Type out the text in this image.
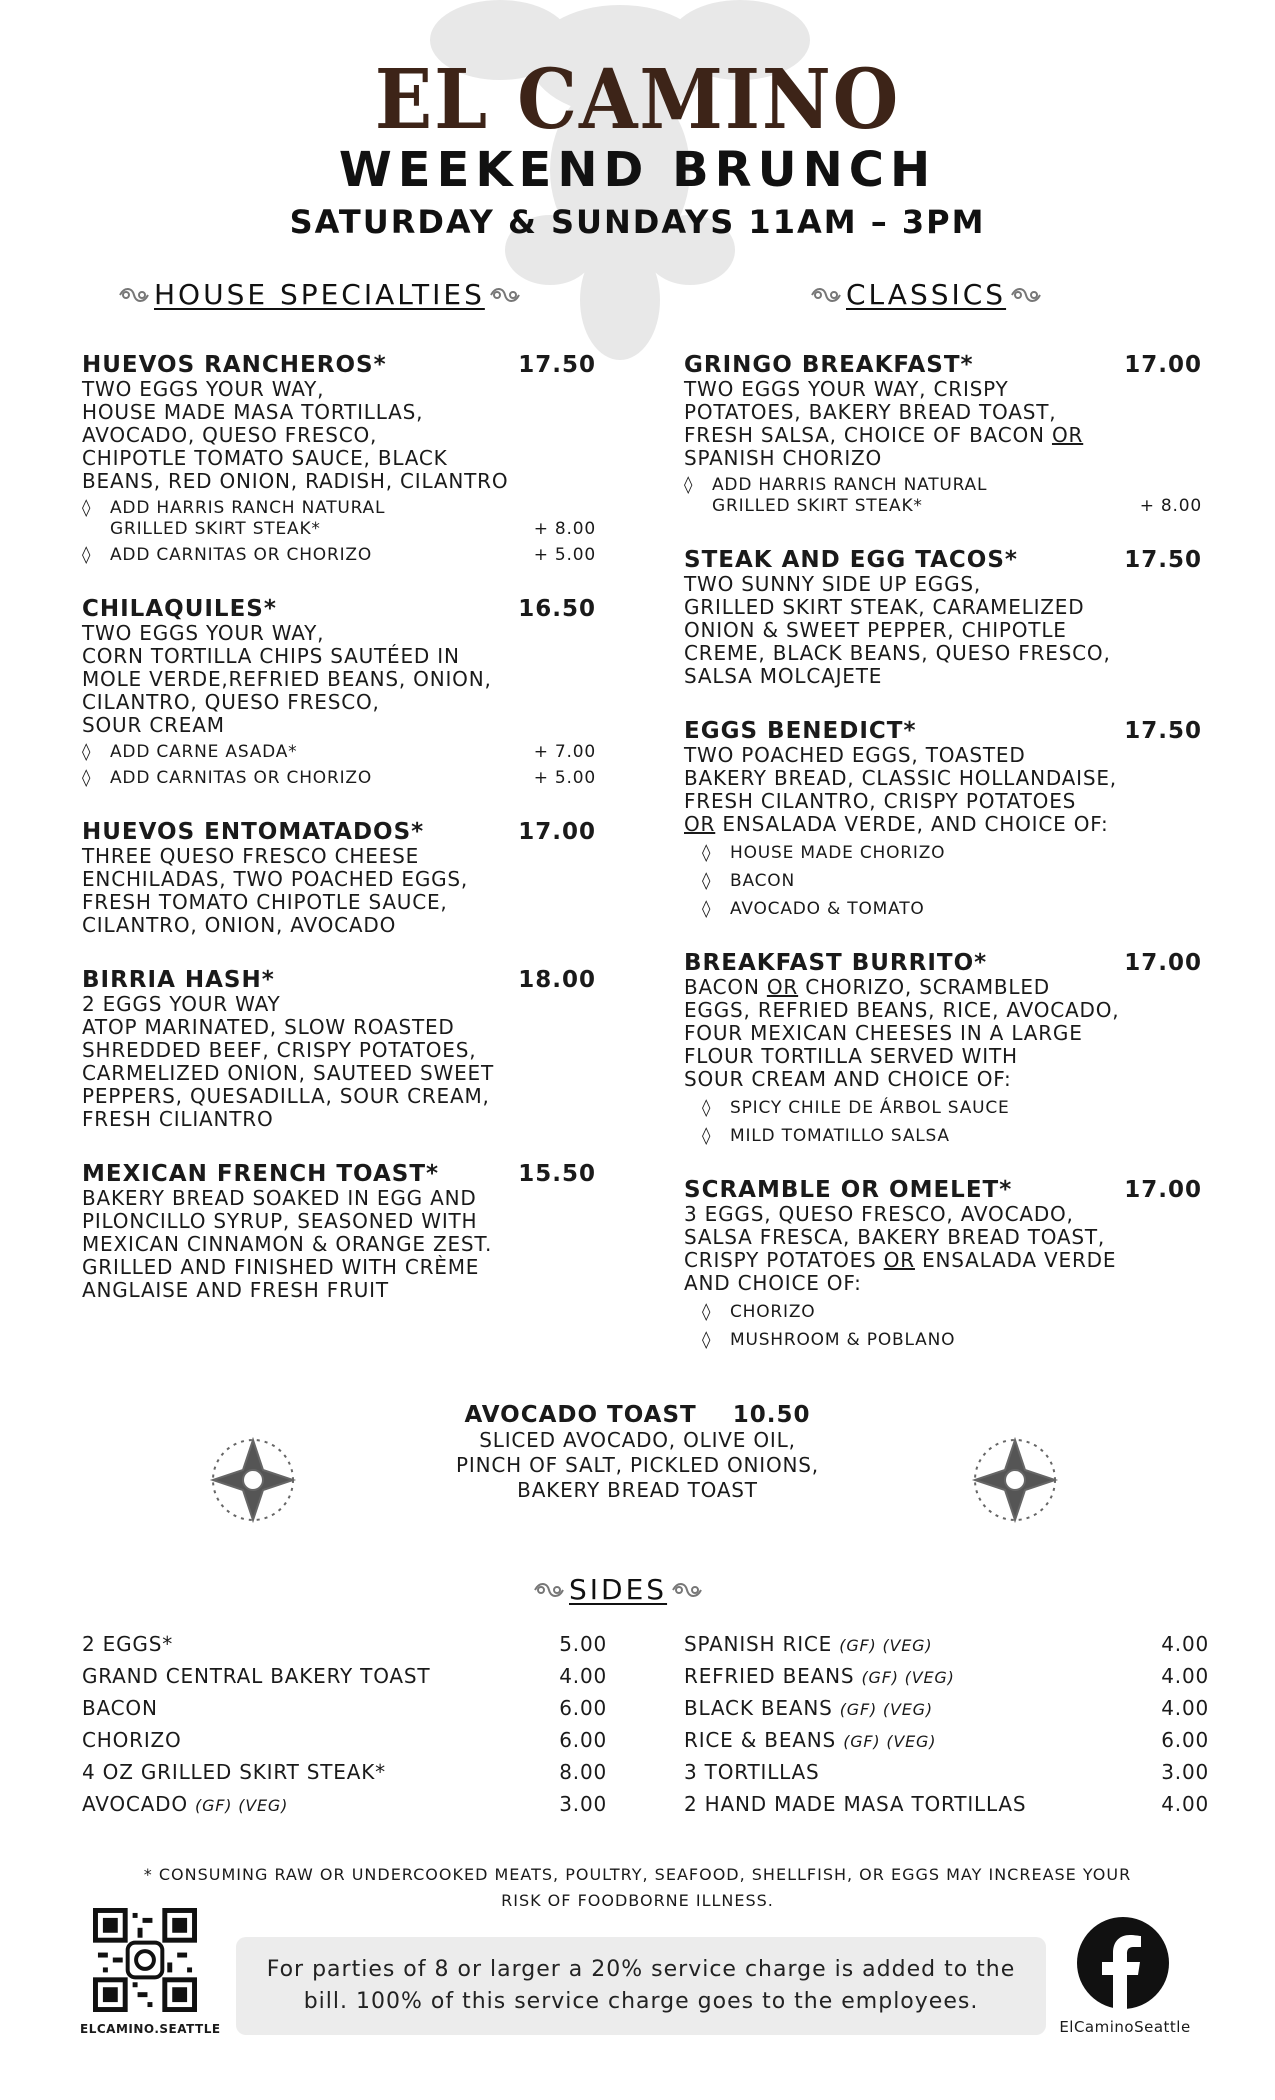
EL CAMINO
WEEKEND BRUNCH
SATURDAY & SUNDAYS 11AM – 3PM
HOUSE SPECIALTIES	CLASSICS
HUEVOS RANCHEROS*	17.50
TWO EGGS YOUR WAY,
HOUSE MADE MASA TORTILLAS,
AVOCADO, QUESO FRESCO,
CHIPOTLE TOMATO SAUCE, BLACK
BEANS, RED ONION, RADISH, CILANTRO
◊	ADD HARRIS RANCH NATURAL
GRILLED SKIRT STEAK*	+ 8.00
◊	ADD CARNITAS OR CHORIZO	+ 5.00
CHILAQUILES*	16.50
TWO EGGS YOUR WAY,
CORN TORTILLA CHIPS SAUTÉED IN
MOLE VERDE,REFRIED BEANS, ONION,
CILANTRO, QUESO FRESCO,
SOUR CREAM
◊	ADD CARNE ASADA*	+ 7.00
◊	ADD CARNITAS OR CHORIZO	+ 5.00
HUEVOS ENTOMATADOS*	17.00
THREE QUESO FRESCO CHEESE
ENCHILADAS, TWO POACHED EGGS,
FRESH TOMATO CHIPOTLE SAUCE,
CILANTRO, ONION, AVOCADO
BIRRIA HASH*	18.00
2 EGGS YOUR WAY
ATOP MARINATED, SLOW ROASTED
SHREDDED BEEF, CRISPY POTATOES,
CARMELIZED ONION, SAUTEED SWEET
PEPPERS, QUESADILLA, SOUR CREAM,
FRESH CILIANTRO
MEXICAN FRENCH TOAST*	15.50
BAKERY BREAD SOAKED IN EGG AND
PILONCILLO SYRUP, SEASONED WITH
MEXICAN CINNAMON & ORANGE ZEST.
GRILLED AND FINISHED WITH CRÈME
ANGLAISE AND FRESH FRUIT
GRINGO BREAKFAST*	17.00
TWO EGGS YOUR WAY, CRISPY
POTATOES, BAKERY BREAD TOAST,
FRESH SALSA, CHOICE OF BACON OR
SPANISH CHORIZO
◊	ADD HARRIS RANCH NATURAL
GRILLED SKIRT STEAK*	+ 8.00
STEAK AND EGG TACOS*	17.50
TWO SUNNY SIDE UP EGGS,
GRILLED SKIRT STEAK, CARAMELIZED
ONION & SWEET PEPPER, CHIPOTLE
CREME, BLACK BEANS, QUESO FRESCO,
SALSA MOLCAJETE
EGGS BENEDICT*	17.50
TWO POACHED EGGS, TOASTED
BAKERY BREAD, CLASSIC HOLLANDAISE,
FRESH CILANTRO, CRISPY POTATOES
OR ENSALADA VERDE, AND CHOICE OF:
◊	HOUSE MADE CHORIZO
◊	BACON
◊	AVOCADO & TOMATO
BREAKFAST BURRITO*	17.00
BACON OR CHORIZO, SCRAMBLED
EGGS, REFRIED BEANS, RICE, AVOCADO,
FOUR MEXICAN CHEESES IN A LARGE
FLOUR TORTILLA SERVED WITH
SOUR CREAM AND CHOICE OF:
◊	SPICY CHILE DE ÁRBOL SAUCE
◊	MILD TOMATILLO SALSA
SCRAMBLE OR OMELET*	17.00
3 EGGS, QUESO FRESCO, AVOCADO,
SALSA FRESCA, BAKERY BREAD TOAST,
CRISPY POTATOES OR ENSALADA VERDE
AND CHOICE OF:
◊	CHORIZO
◊	MUSHROOM & POBLANO
AVOCADO TOAST 10.50
SLICED AVOCADO, OLIVE OIL,
PINCH OF SALT, PICKLED ONIONS,
BAKERY BREAD TOAST
SIDES
2 EGGS*	5.00
GRAND CENTRAL BAKERY TOAST	4.00
BACON	6.00
CHORIZO	6.00
4 OZ GRILLED SKIRT STEAK*	8.00
AVOCADO (GF) (VEG)	3.00
SPANISH RICE (GF) (VEG)	4.00
REFRIED BEANS (GF) (VEG)	4.00
BLACK BEANS (GF) (VEG)	4.00
RICE & BEANS (GF) (VEG)	6.00
3 TORTILLAS	3.00
2 HAND MADE MASA TORTILLAS	4.00
* CONSUMING RAW OR UNDERCOOKED MEATS, POULTRY, SEAFOOD, SHELLFISH, OR EGGS MAY INCREASE YOUR
RISK OF FOODBORNE ILLNESS.
ELCAMINO.SEATTLE
For parties of 8 or larger a 20% service charge is added to the
bill. 100% of this service charge goes to the employees.
ElCaminoSeattle
